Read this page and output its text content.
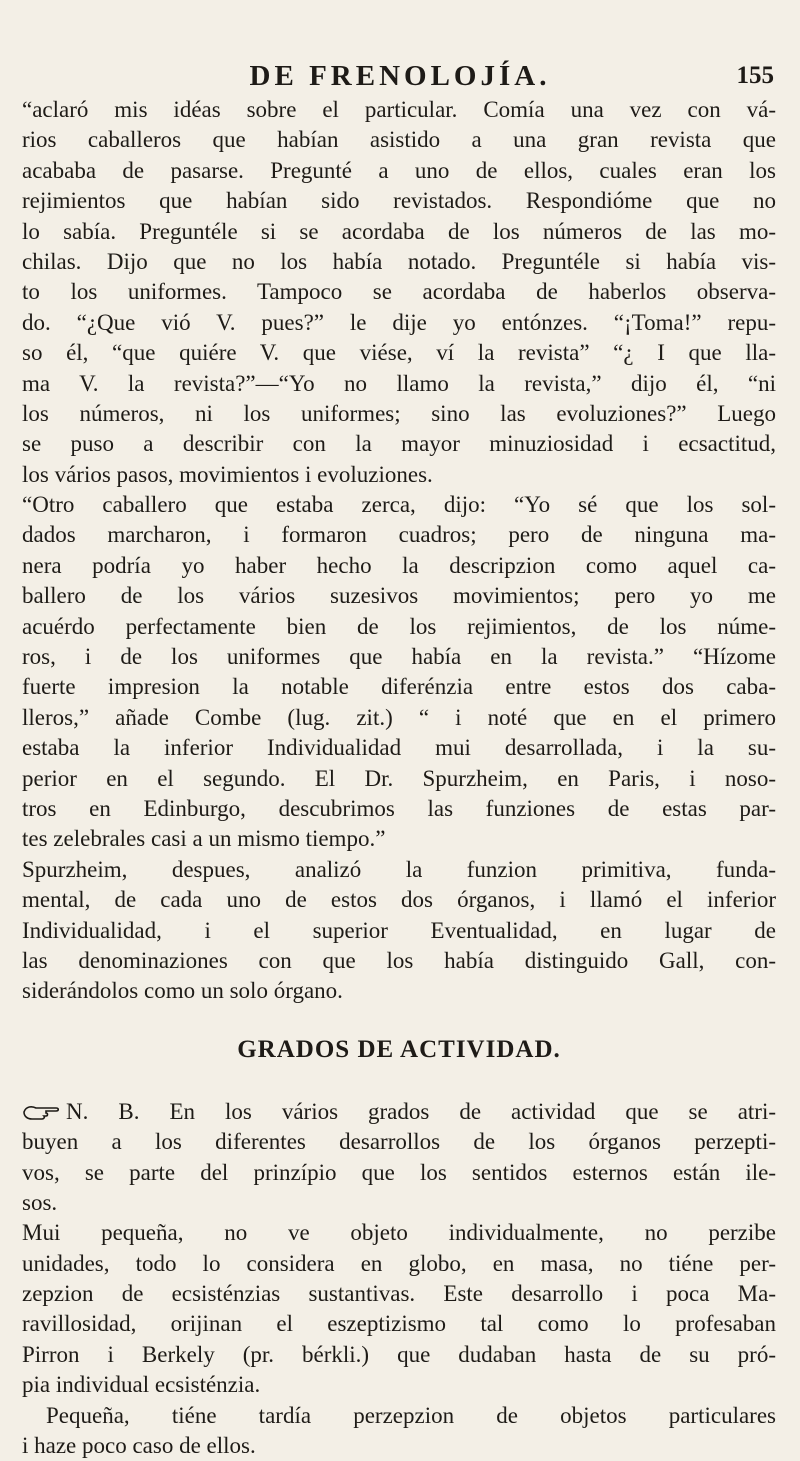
DE FRENOLOJÍA.	155
“aclaró mis idéas sobre el particular. Comía una vez con vá-
rios caballeros que habían asistido a una gran revista que
acababa de pasarse. Pregunté a uno de ellos, cuales eran los
rejimientos que habían sido revistados. Respondióme que no
lo sabía. Preguntéle si se acordaba de los números de las mo-
chilas. Dijo que no los había notado. Preguntéle si había vis-
to los uniformes. Tampoco se acordaba de haberlos observa-
do. “¿Que vió V. pues?” le dije yo entónzes. “¡Toma!” repu-
so él, “que quiére V. que viése, ví la revista” “¿ I que lla-
ma V. la revista?”—“Yo no llamo la revista,” dijo él, “ni
los números, ni los uniformes; sino las evoluziones?” Luego
se puso a describir con la mayor minuziosidad i ecsactitud,
los vários pasos, movimientos i evoluziones.
“Otro caballero que estaba zerca, dijo: “Yo sé que los sol-
dados marcharon, i formaron cuadros; pero de ninguna ma-
nera podría yo haber hecho la descripzion como aquel ca-
ballero de los vários suzesivos movimientos; pero yo me
acuérdo perfectamente bien de los rejimientos, de los núme-
ros, i de los uniformes que había en la revista.” “Hízome
fuerte impresion la notable diferénzia entre estos dos caba-
lleros,” añade Combe (lug. zit.) “ i noté que en el primero
estaba la inferior Individualidad mui desarrollada, i la su-
perior en el segundo. El Dr. Spurzheim, en Paris, i noso-
tros en Edinburgo, descubrimos las funziones de estas par-
tes zelebrales casi a un mismo tiempo.”
Spurzheim, despues, analizó la funzion primitiva, funda-
mental, de cada uno de estos dos órganos, i llamó el inferior
Individualidad, i el superior Eventualidad, en lugar de
las denominaziones con que los había distinguido Gall, con-
siderándolos como un solo órgano.
GRADOS DE ACTIVIDAD.
N. B. En los vários grados de actividad que se atri-
buyen a los diferentes desarrollos de los órganos perzepti-
vos, se parte del prinzípio que los sentidos esternos están ile-
sos.
Mui pequeña, no ve objeto individualmente, no perzibe
unidades, todo lo considera en globo, en masa, no tiéne per-
zepzion de ecsisténzias sustantivas. Este desarrollo i poca Ma-
ravillosidad, orijinan el eszeptizismo tal como lo profesaban
Pirron i Berkely (pr. bérkli.) que dudaban hasta de su pró-
pia individual ecsisténzia.
Pequeña, tiéne tardía perzepzion de objetos particulares
i haze poco caso de ellos.
